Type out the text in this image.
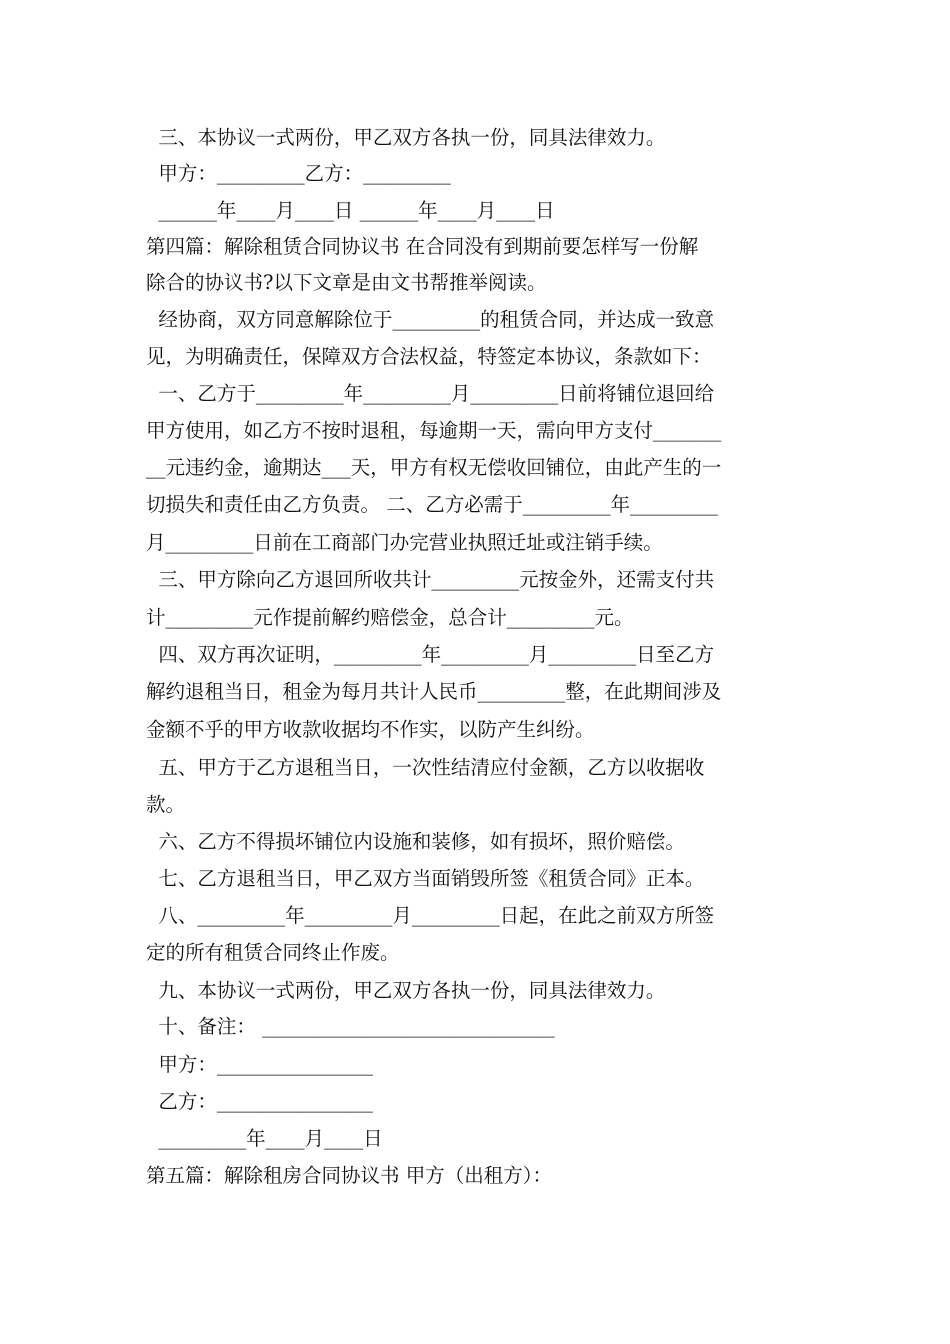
三、本协议一式两份，甲乙双方各执一份，同具法律效力。
甲方：_________乙方：_________
______年____月____日 ______年____月____日
第四篇：解除租赁合同协议书 在合同没有到期前要怎样写一份解
除合的协议书?以下文章是由文书帮推举阅读。
经协商，双方同意解除位于_________的租赁合同，并达成一致意
见，为明确责任，保障双方合法权益，特签定本协议，条款如下：
一、乙方于_________年_________月_________日前将铺位退回给
甲方使用，如乙方不按时退租，每逾期一天，需向甲方支付_______
__元违约金，逾期达___天，甲方有权无偿收回铺位，由此产生的一
切损失和责任由乙方负责。 二、乙方必需于_________年_________
月_________日前在工商部门办完营业执照迁址或注销手续。
三、甲方除向乙方退回所收共计_________元按金外，还需支付共
计_________元作提前解约赔偿金，总合计_________元。
四、双方再次证明，_________年_________月_________日至乙方
解约退租当日，租金为每月共计人民币_________整，在此期间涉及
金额不乎的甲方收款收据均不作实，以防产生纠纷。
五、甲方于乙方退租当日，一次性结清应付金额，乙方以收据收
款。
六、乙方不得损坏铺位内设施和装修，如有损坏，照价赔偿。
七、乙方退租当日，甲乙双方当面销毁所签《租赁合同》正本。
八、_________年_________月_________日起，在此之前双方所签
定的所有租赁合同终止作废。
九、本协议一式两份，甲乙双方各执一份，同具法律效力。
十、备注： ______________________________
甲方：________________
乙方：________________
_________年____月____日
第五篇：解除租房合同协议书 甲方（出租方）：
